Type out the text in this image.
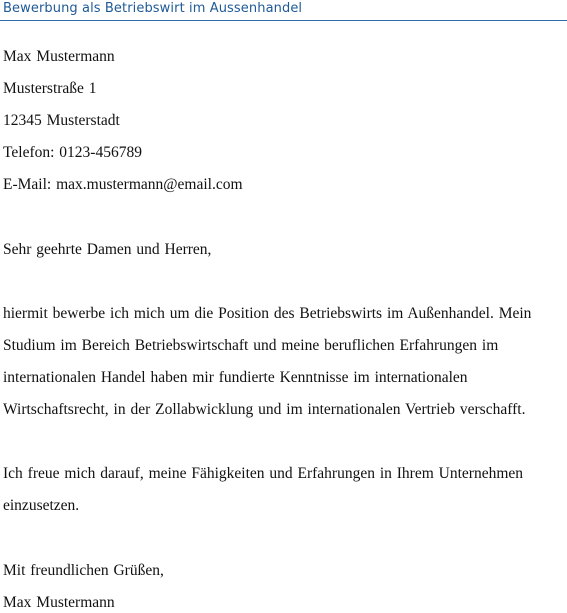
Bewerbung als Betriebswirt im Aussenhandel
Max Mustermann
Musterstraße 1
12345 Musterstadt
Telefon: 0123-456789
E-Mail: max.mustermann@email.com
Sehr geehrte Damen und Herren,
hiermit bewerbe ich mich um die Position des Betriebswirts im Außenhandel. Mein
Studium im Bereich Betriebswirtschaft und meine beruflichen Erfahrungen im
internationalen Handel haben mir fundierte Kenntnisse im internationalen
Wirtschaftsrecht, in der Zollabwicklung und im internationalen Vertrieb verschafft.
Ich freue mich darauf, meine Fähigkeiten und Erfahrungen in Ihrem Unternehmen
einzusetzen.
Mit freundlichen Grüßen,
Max Mustermann
